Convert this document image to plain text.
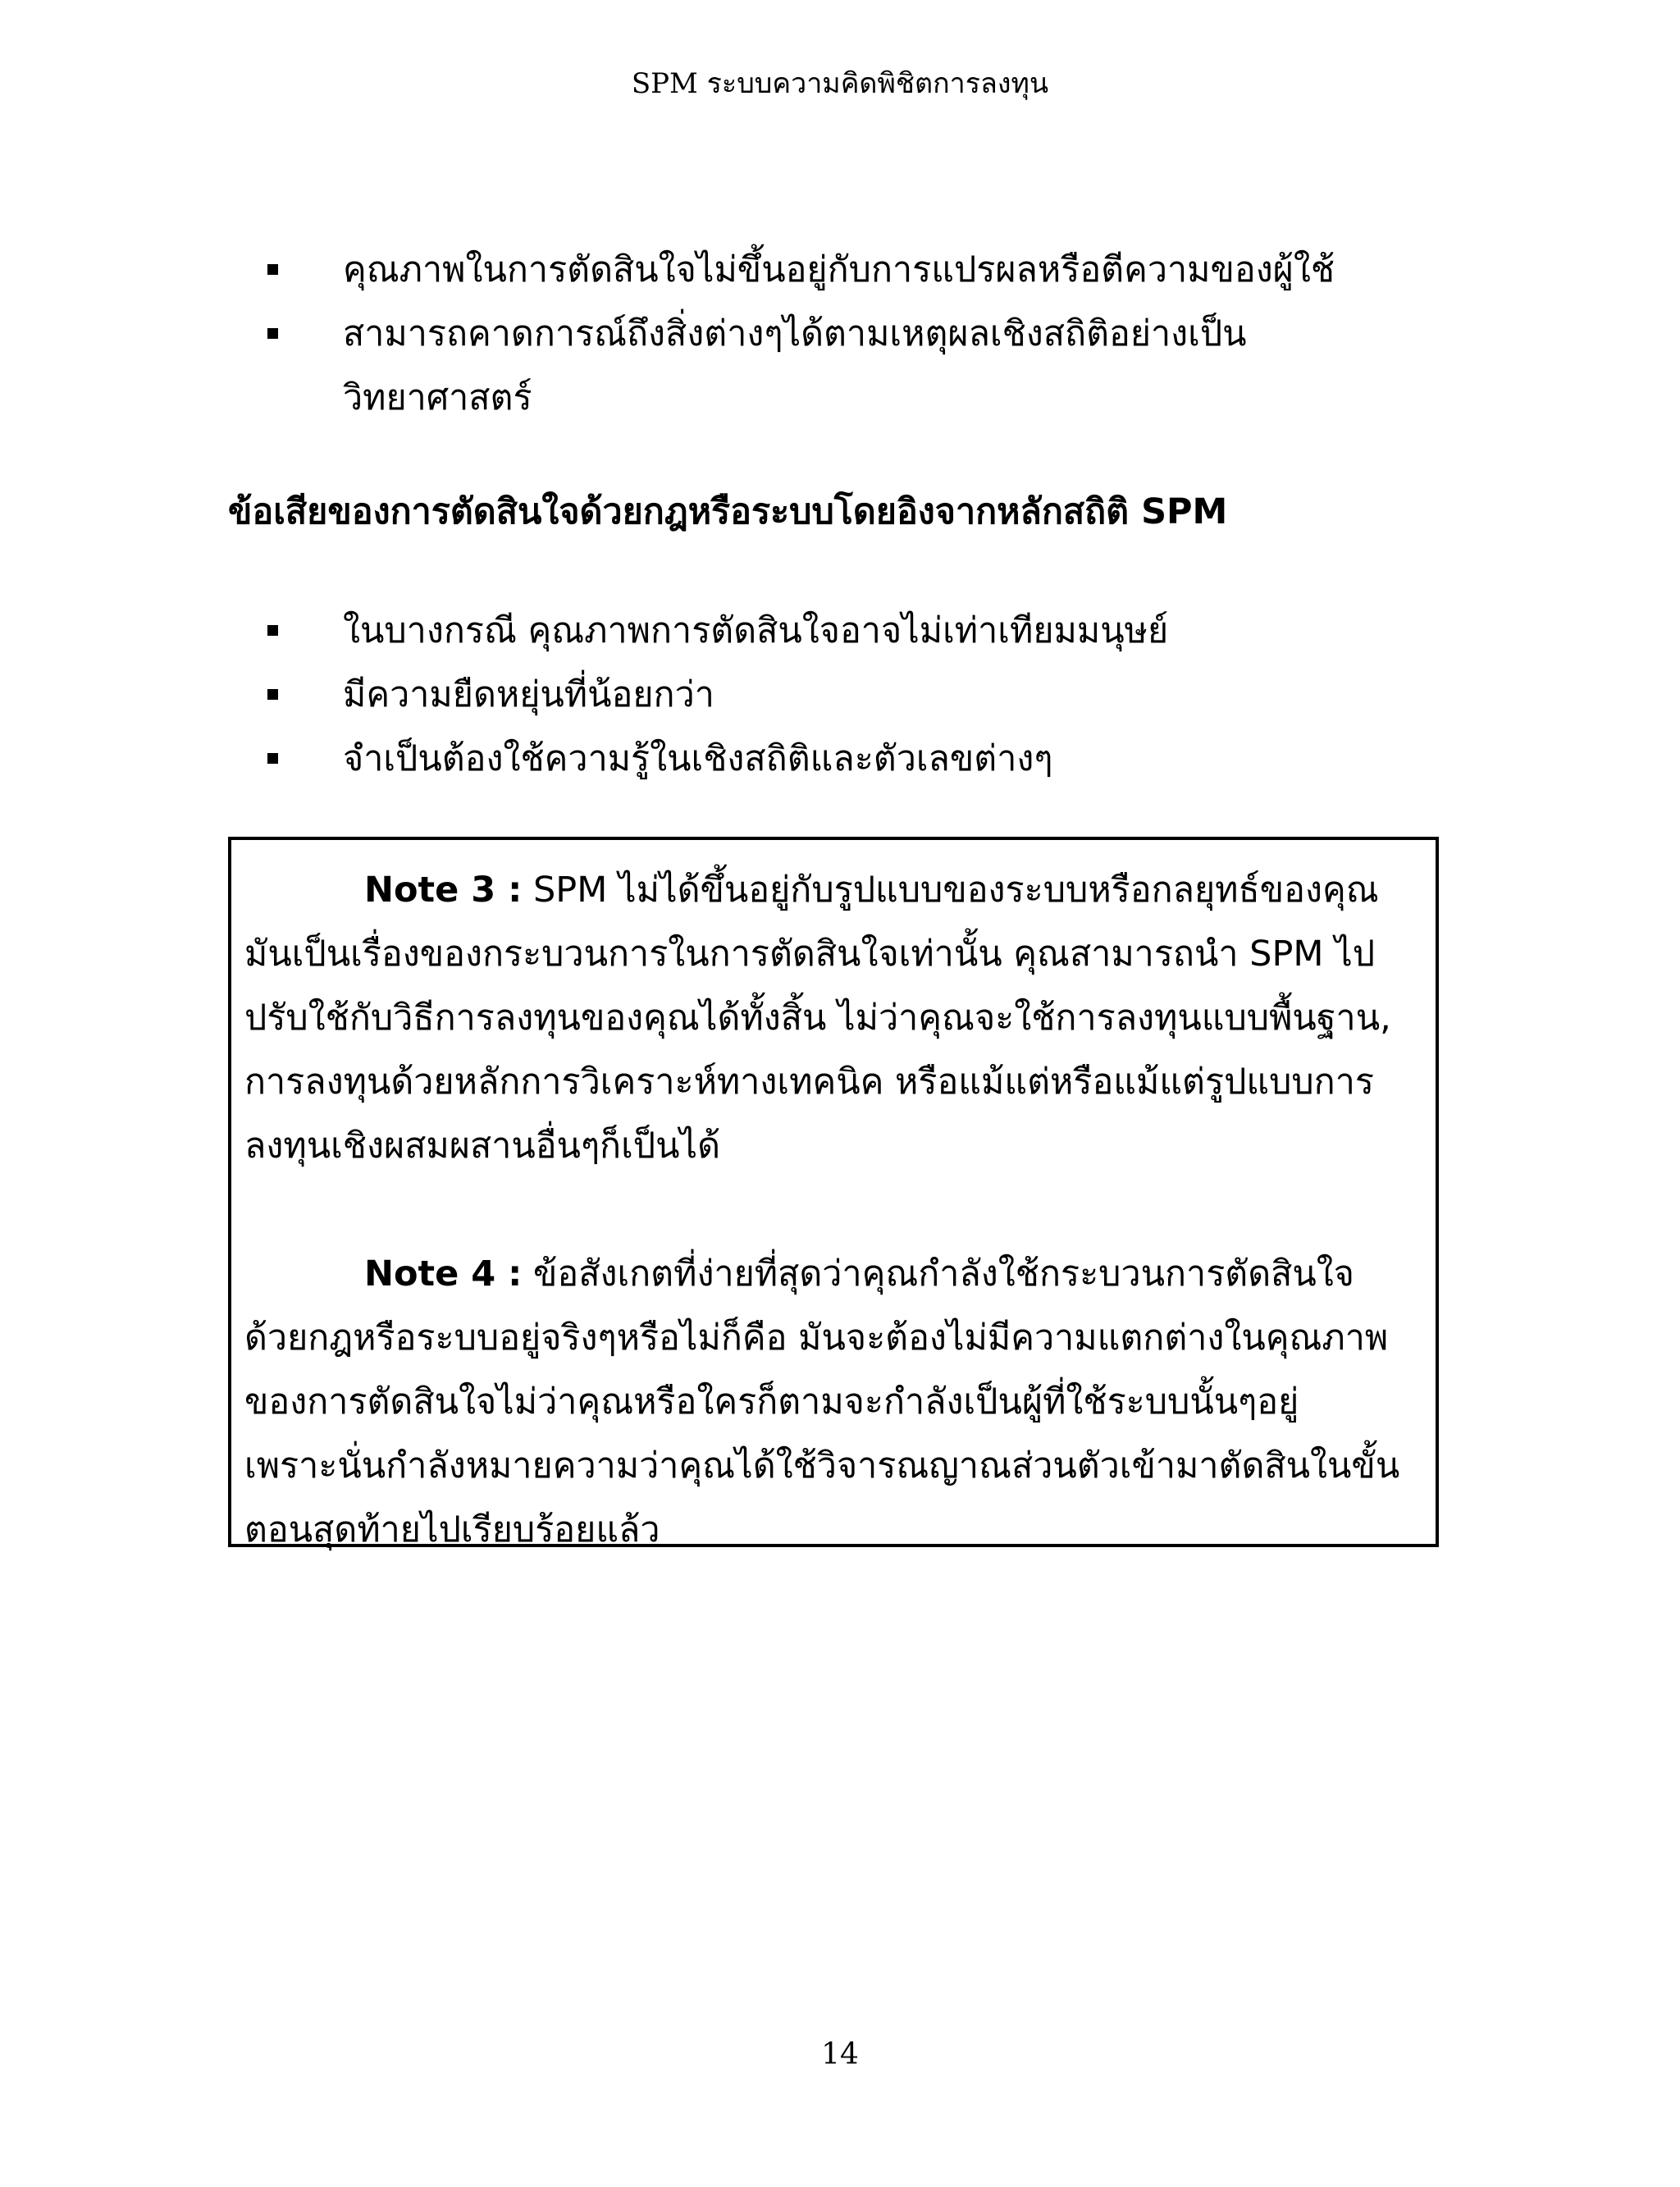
SPM ระบบความคิดพิชิตการลงทุน
คุณภาพในการตัดสินใจไม่ขึ้นอยู่กับการแปรผลหรือตีความของผู้ใช้
สามารถคาดการณ์ถึงสิ่งต่างๆได้ตามเหตุผลเชิงสถิติอย่างเป็น
วิทยาศาสตร์
ข้อเสียของการตัดสินใจด้วยกฎหรือระบบโดยอิงจากหลักสถิติ SPM
ในบางกรณี คุณภาพการตัดสินใจอาจไม่เท่าเทียมมนุษย์
มีความยืดหยุ่นที่น้อยกว่า
จำเป็นต้องใช้ความรู้ในเชิงสถิติและตัวเลขต่างๆ

Note 3 : SPM ไม่ได้ขึ้นอยู่กับรูปแบบของระบบหรือกลยุทธ์ของคุณ
มันเป็นเรื่องของกระบวนการในการตัดสินใจเท่านั้น คุณสามารถนำ SPM ไป
ปรับใช้กับวิธีการลงทุนของคุณได้ทั้งสิ้น ไม่ว่าคุณจะใช้การลงทุนแบบพื้นฐาน,
การลงทุนด้วยหลักการวิเคราะห์ทางเทคนิค หรือแม้แต่หรือแม้แต่รูปแบบการ
ลงทุนเชิงผสมผสานอื่นๆก็เป็นได้

Note 4 : ข้อสังเกตที่ง่ายที่สุดว่าคุณกำลังใช้กระบวนการตัดสินใจ
ด้วยกฎหรือระบบอยู่จริงๆหรือไม่ก็คือ มันจะต้องไม่มีความแตกต่างในคุณภาพ
ของการตัดสินใจไม่ว่าคุณหรือใครก็ตามจะกำลังเป็นผู้ที่ใช้ระบบนั้นๆอยู่
เพราะนั่นกำลังหมายความว่าคุณได้ใช้วิจารณญาณส่วนตัวเข้ามาตัดสินในขั้น
ตอนสุดท้ายไปเรียบร้อยแล้ว

14
